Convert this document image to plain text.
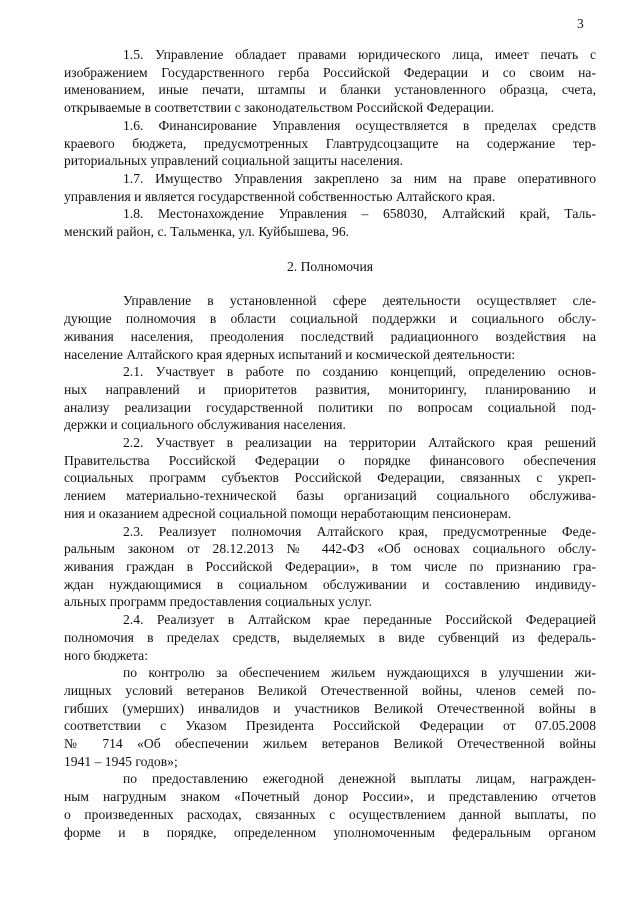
3

1.5. Управление обладает правами юридического лица, имеет печать с
изображением Государственного герба Российской Федерации и со своим на-
именованием, иные печати, штампы и бланки установленного образца, счета,
открываемые в соответствии с законодательством Российской Федерации.

1.6. Финансирование Управления осуществляется в пределах средств
краевого бюджета, предусмотренных Главтрудсоцзащите на содержание тер-
риториальных управлений социальной защиты населения.

1.7. Имущество Управления закреплено за ним на праве оперативного
управления и является государственной собственностью Алтайского края.

1.8. Местонахождение Управления – 658030, Алтайский край, Таль-
менский район, с. Тальменка, ул. Куйбышева, 96.

2. Полномочия

Управление в установленной сфере деятельности осуществляет сле-
дующие полномочия в области социальной поддержки и социального обслу-
живания населения, преодоления последствий радиационного воздействия на
население Алтайского края ядерных испытаний и космической деятельности:

2.1. Участвует в работе по созданию концепций, определению основ-
ных направлений и приоритетов развития, мониторингу, планированию и
анализу реализации государственной политики по вопросам социальной под-
держки и социального обслуживания населения.

2.2. Участвует в реализации на территории Алтайского края решений
Правительства Российской Федерации о порядке финансового обеспечения
социальных программ субъектов Российской Федерации, связанных с укреп-
лением материально-технической базы организаций социального обслужива-
ния и оказанием адресной социальной помощи неработающим пенсионерам.

2.3. Реализует полномочия Алтайского края, предусмотренные Феде-
ральным законом от 28.12.2013 № 442-ФЗ «Об основах социального обслу-
живания граждан в Российской Федерации», в том числе по признанию гра-
ждан нуждающимися в социальном обслуживании и составлению индивиду-
альных программ предоставления социальных услуг.

2.4. Реализует в Алтайском крае переданные Российской Федерацией
полномочия в пределах средств, выделяемых в виде субвенций из федераль-
ного бюджета:

по контролю за обеспечением жильем нуждающихся в улучшении жи-
лищных условий ветеранов Великой Отечественной войны, членов семей по-
гибших (умерших) инвалидов и участников Великой Отечественной войны в
соответствии с Указом Президента Российской Федерации от 07.05.2008
№ 714 «Об обеспечении жильем ветеранов Великой Отечественной войны
1941 – 1945 годов»;

по предоставлению ежегодной денежной выплаты лицам, награжден-
ным нагрудным знаком «Почетный донор России», и представлению отчетов
о произведенных расходах, связанных с осуществлением данной выплаты, по
форме и в порядке, определенном уполномоченным федеральным органом
